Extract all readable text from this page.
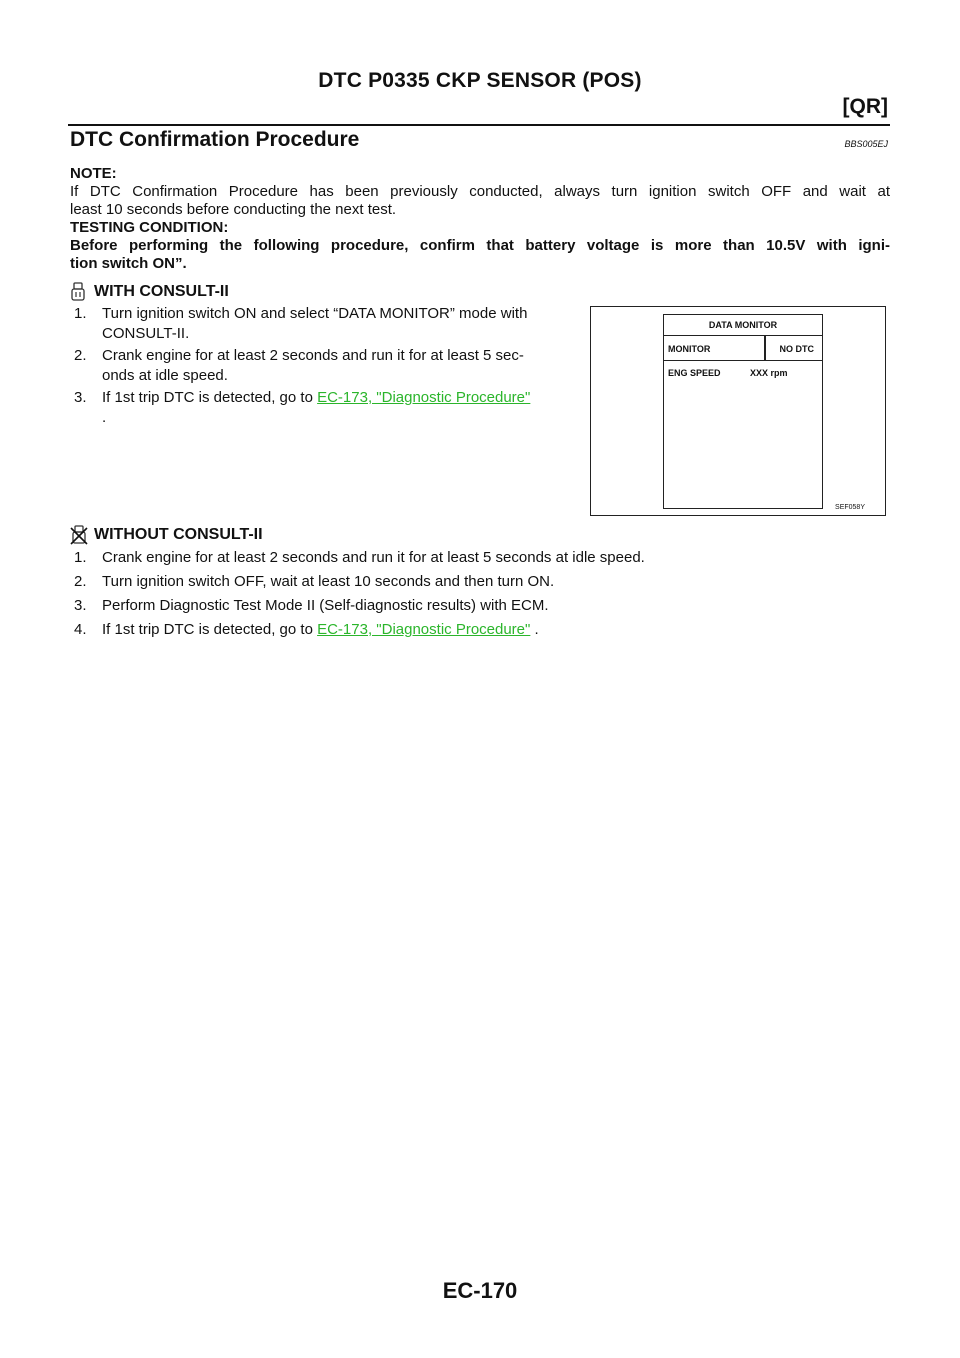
DTC P0335 CKP SENSOR (POS)
[QR]
DTC Confirmation Procedure	BBS005EJ
NOTE:
If DTC Confirmation Procedure has been previously conducted, always turn ignition switch OFF and wait at
least 10 seconds before conducting the next test.
TESTING CONDITION:
Before performing the following procedure, confirm that battery voltage is more than 10.5V with igni-
tion switch ON”.
WITH CONSULT-II
1. Turn ignition switch ON and select “DATA MONITOR” mode with
CONSULT-II.
2. Crank engine for at least 2 seconds and run it for at least 5 sec-
onds at idle speed.
3. If 1st trip DTC is detected, go to EC-173, "Diagnostic Procedure"
.
DATA MONITOR
MONITOR	NO DTC
ENG SPEED	XXX rpm
SEF058Y
WITHOUT CONSULT-II
1. Crank engine for at least 2 seconds and run it for at least 5 seconds at idle speed.
2. Turn ignition switch OFF, wait at least 10 seconds and then turn ON.
3. Perform Diagnostic Test Mode II (Self-diagnostic results) with ECM.
4. If 1st trip DTC is detected, go to EC-173, "Diagnostic Procedure" .
EC-170
